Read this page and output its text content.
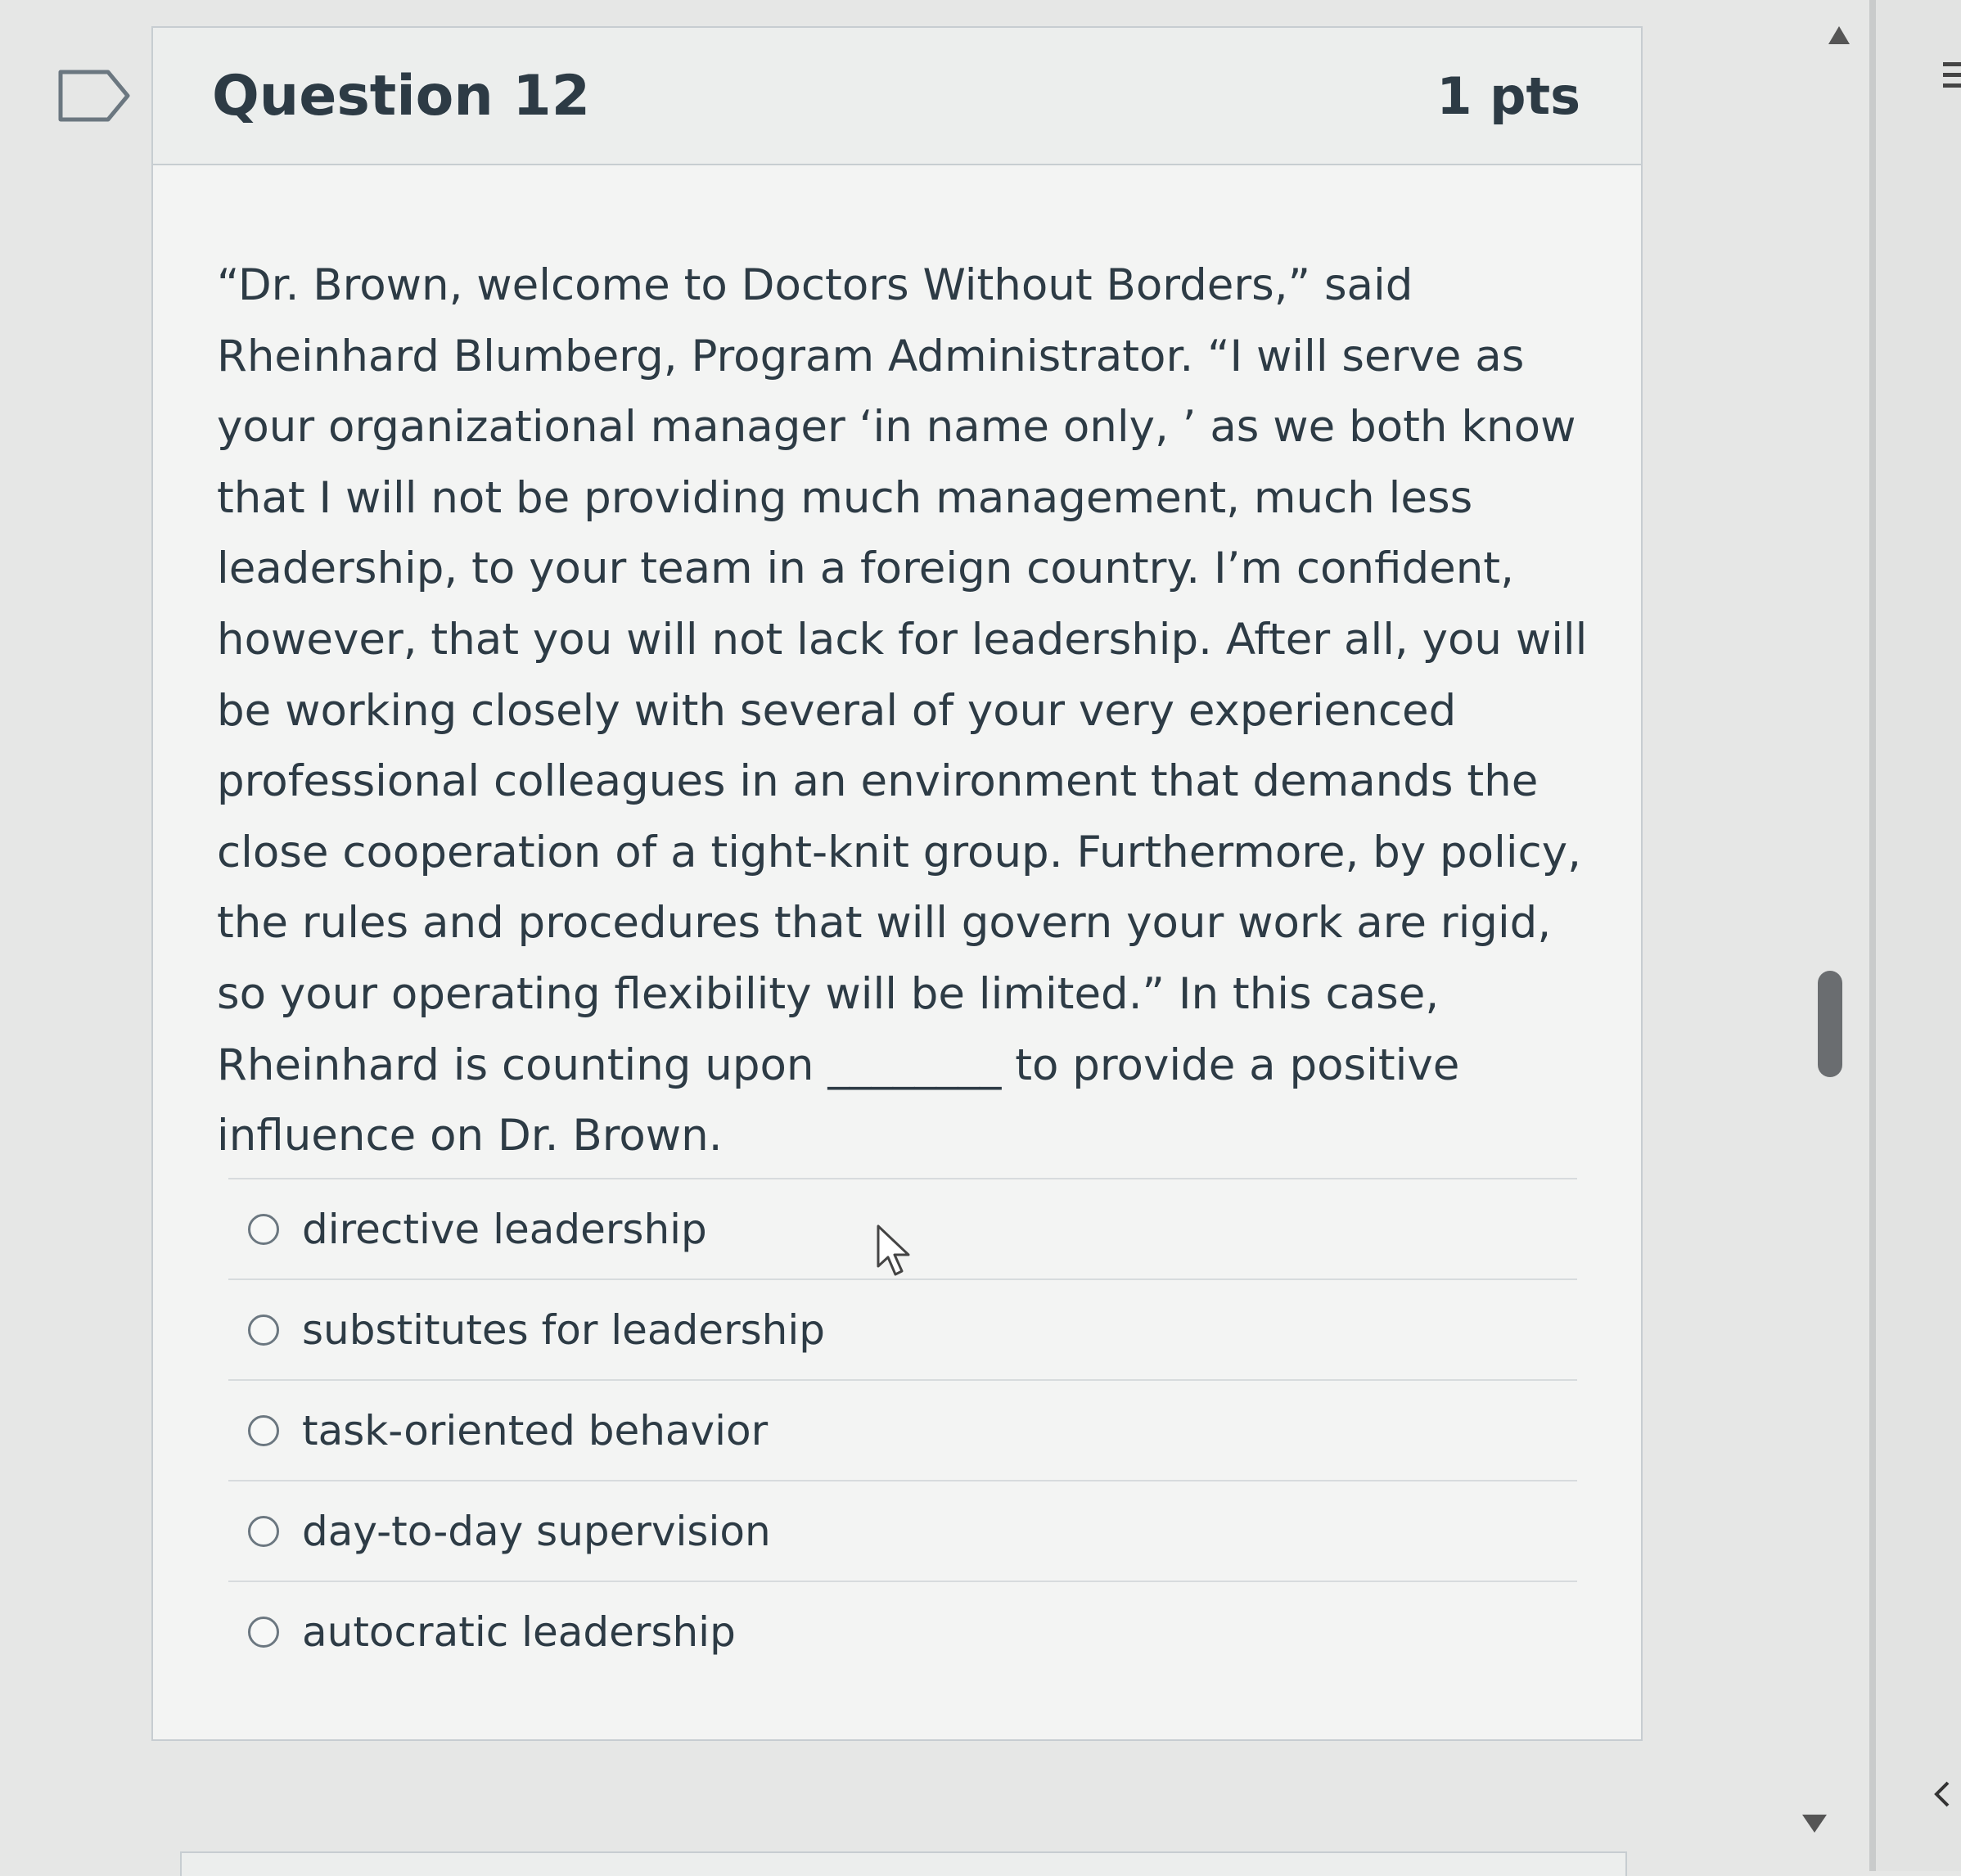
Question 12	1 pts
“Dr. Brown, welcome to Doctors Without Borders,” said Rheinhard Blumberg, Program Administrator. “I will serve as your organizational manager ‘in name only, ’ as we both know that I will not be providing much management, much less leadership, to your team in a foreign country. I’m confident, however, that you will not lack for leadership. After all, you will be working closely with several of your very experienced professional colleagues in an environment that demands the close cooperation of a tight-knit group. Furthermore, by policy, the rules and procedures that will govern your work are rigid, so your operating flexibility will be limited.” In this case, Rheinhard is counting upon ________ to provide a positive influence on Dr. Brown.
directive leadership
substitutes for leadership
task-oriented behavior
day-to-day supervision
autocratic leadership
